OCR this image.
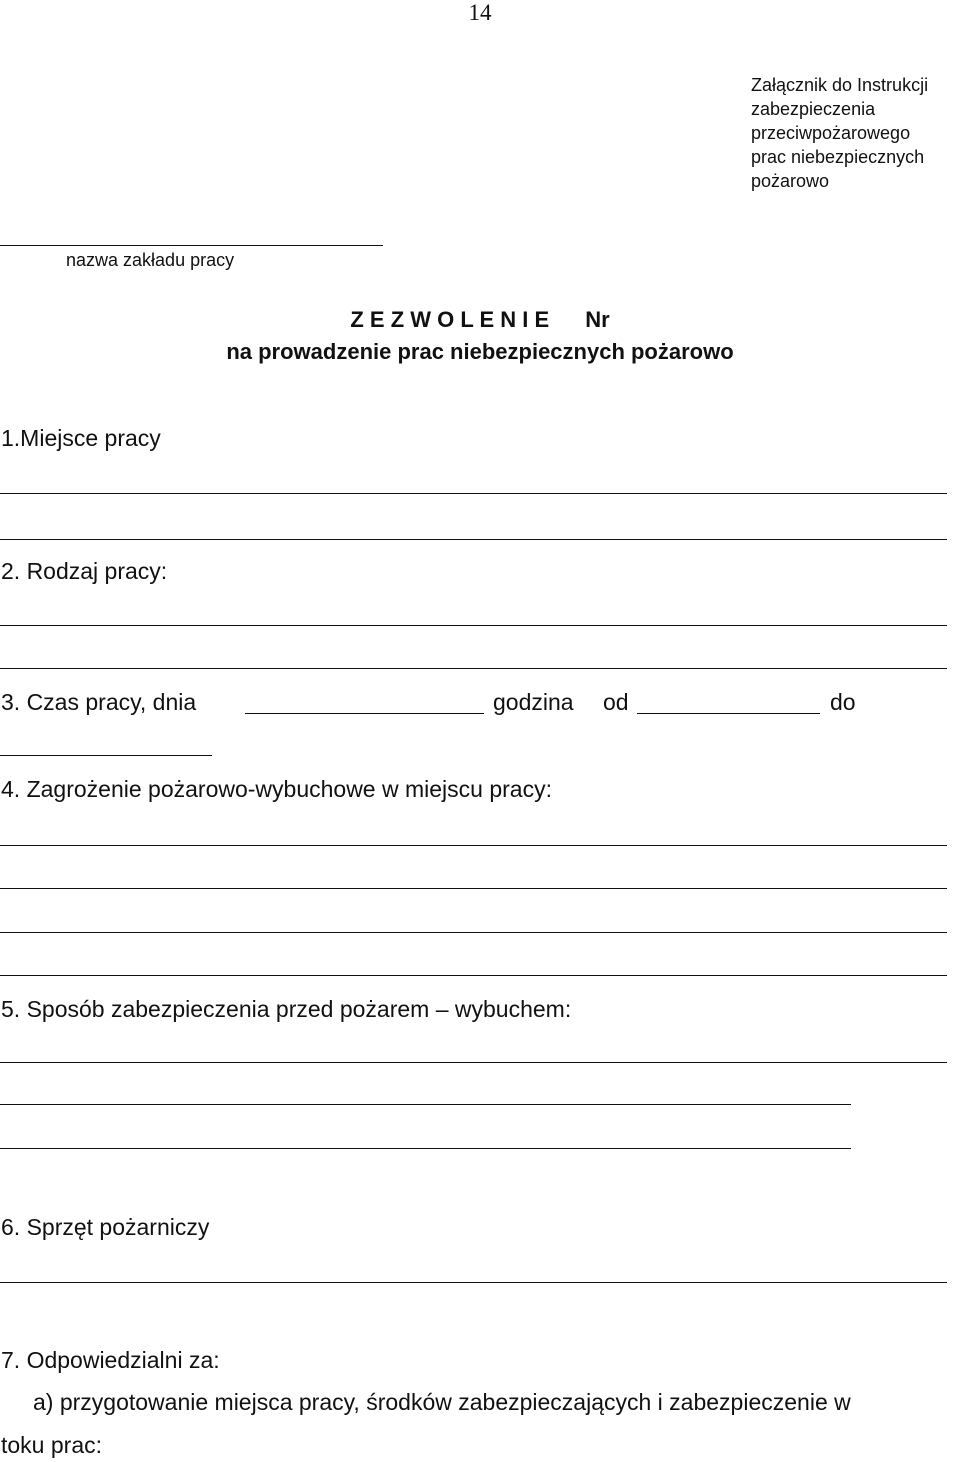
14
Załącznik do Instrukcji
zabezpieczenia
przeciwpożarowego
prac niebezpiecznych
pożarowo
nazwa zakładu pracy
Z E Z W O L E N I E Nr
na prowadzenie prac niebezpiecznych pożarowo
1.Miejsce pracy
2. Rodzaj pracy:
3. Czas pracy, dnia	godzina od	do
4. Zagrożenie pożarowo-wybuchowe w miejscu pracy:
5. Sposób zabezpieczenia przed pożarem – wybuchem:
6. Sprzęt pożarniczy
7. Odpowiedzialni za:
a) przygotowanie miejsca pracy, środków zabezpieczających i zabezpieczenie w
toku prac:
